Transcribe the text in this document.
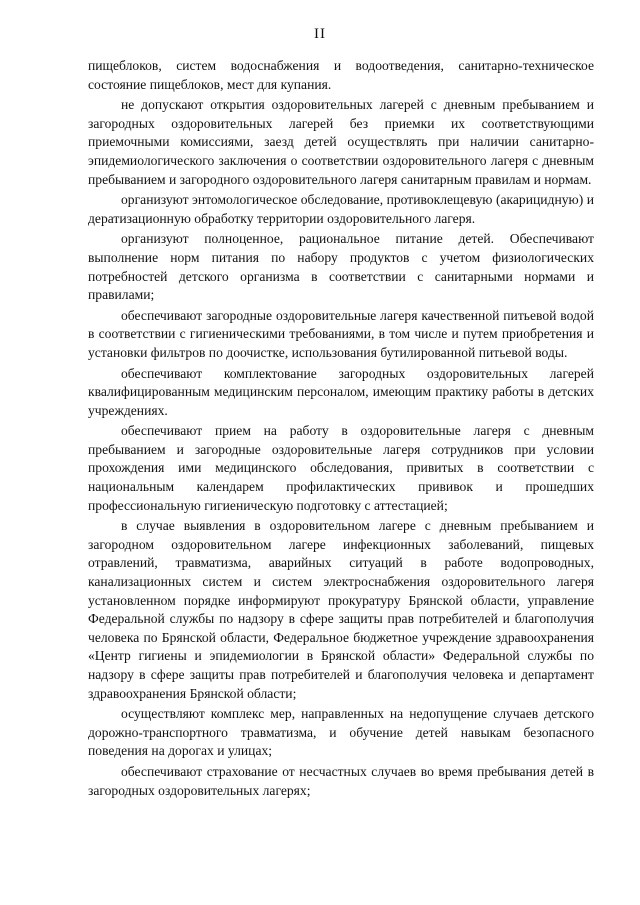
II

пищеблоков, систем водоснабжения и водоотведения, санитарно-техническое состояние пищеблоков, мест для купания.

не допускают открытия оздоровительных лагерей с дневным пребыванием и загородных оздоровительных лагерей без приемки их соответствующими приемочными комиссиями, заезд детей осуществлять при наличии санитарно-эпидемиологического заключения о соответствии оздоровительного лагеря с дневным пребыванием и загородного оздоровительного лагеря санитарным правилам и нормам.

организуют энтомологическое обследование, противоклещевую (акарицидную) и дератизационную обработку территории оздоровительного лагеря.

организуют полноценное, рациональное питание детей. Обеспечивают выполнение норм питания по набору продуктов с учетом физиологических потребностей детского организма в соответствии с санитарными нормами и правилами;

обеспечивают загородные оздоровительные лагеря качественной питьевой водой в соответствии с гигиеническими требованиями, в том числе и путем приобретения и установки фильтров по доочистке, использования бутилированной питьевой воды.

обеспечивают комплектование загородных оздоровительных лагерей квалифицированным медицинским персоналом, имеющим практику работы в детских учреждениях.

обеспечивают прием на работу в оздоровительные лагеря с дневным пребыванием и загородные оздоровительные лагеря сотрудников при условии прохождения ими медицинского обследования, привитых в соответствии с национальным календарем профилактических прививок и прошедших профессиональную гигиеническую подготовку с аттестацией;

в случае выявления в оздоровительном лагере с дневным пребыванием и загородном оздоровительном лагере инфекционных заболеваний, пищевых отравлений, травматизма, аварийных ситуаций в работе водопроводных, канализационных систем и систем электроснабжения оздоровительного лагеря установленном порядке информируют прокуратуру Брянской области, управление Федеральной службы по надзору в сфере защиты прав потребителей и благополучия человека по Брянской области, Федеральное бюджетное учреждение здравоохранения «Центр гигиены и эпидемиологии в Брянской области» Федеральной службы по надзору в сфере защиты прав потребителей и благополучия человека и департамент здравоохранения Брянской области;

осуществляют комплекс мер, направленных на недопущение случаев детского дорожно-транспортного травматизма, и обучение детей навыкам безопасного поведения на дорогах и улицах;

обеспечивают страхование от несчастных случаев во время пребывания детей в загородных оздоровительных лагерях;
